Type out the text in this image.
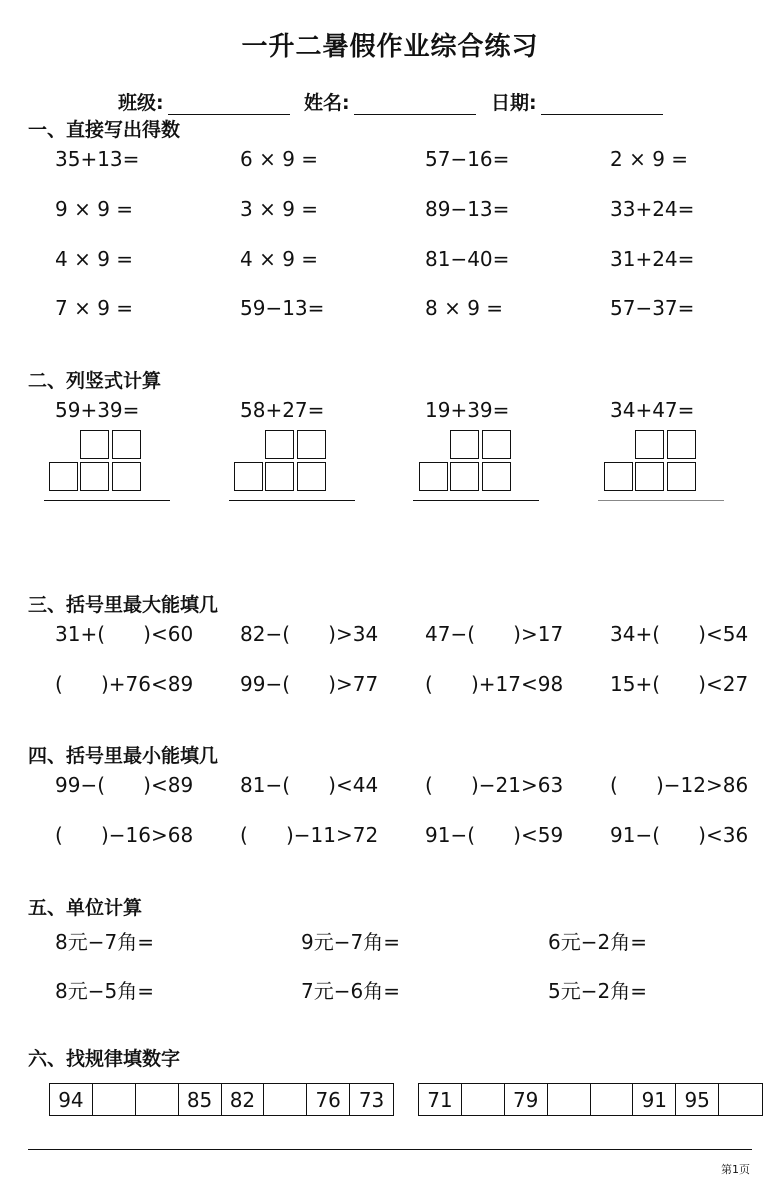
一升二暑假作业综合练习
班级:	姓名:	日期:
一、直接写出得数
35+13=	6 × 9 =	57−16=	2 × 9 =
9 × 9 =	3 × 9 =	89−13=	33+24=
4 × 9 =	4 × 9 =	81−40=	31+24=
7 × 9 =	59−13=	8 × 9 =	57−37=
二、列竖式计算
59+39=	58+27=	19+39=	34+47=
三、括号里最大能填几
31+(      )<60 82−(      )>34 47−(      )>17 34+(      )<54
(      )+76<89 99−(      )>77 (      )+17<98 15+(      )<27
四、括号里最小能填几
99−(      )<89 81−(      )<44 (      )−21>63 (      )−12>86
(      )−16>68 (      )−11>72 91−(      )<59 91−(      )<36
五、单位计算
8元−7角=	9元−7角=	6元−2角=
8元−5角=	7元−6角=	5元−2角=
六、找规律填数字
94	85 82	76 73	71	79	91 95
第1页
